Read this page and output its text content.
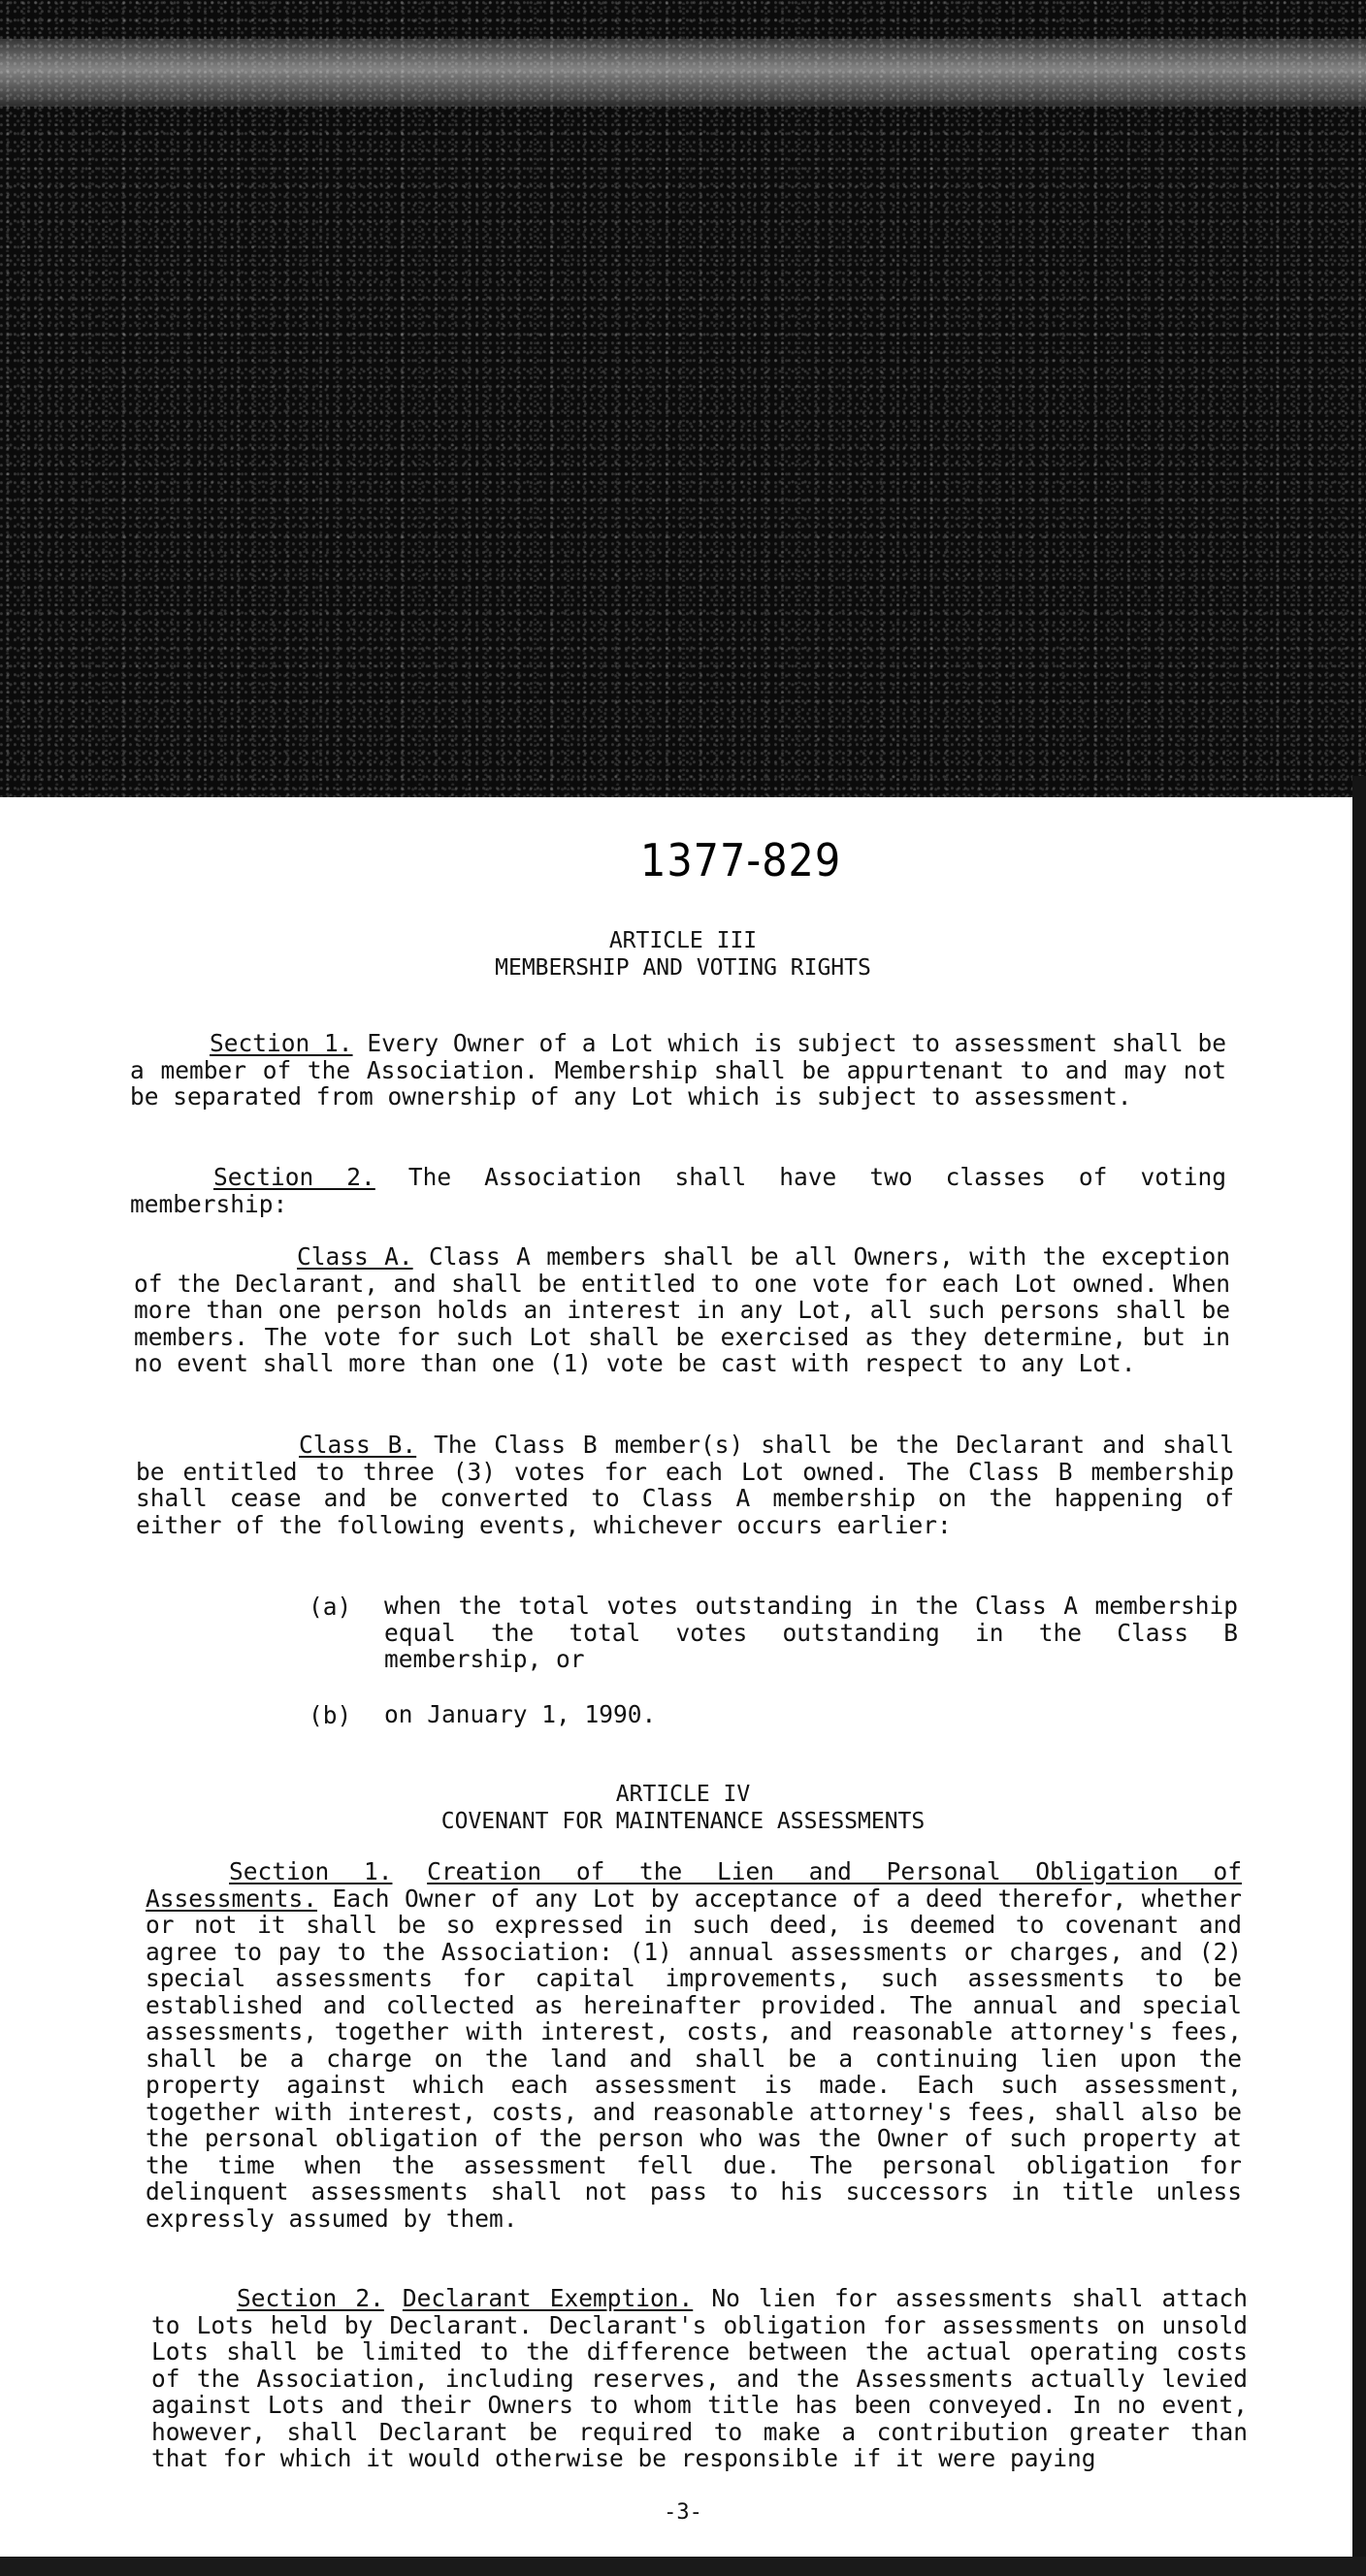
1377-829
ARTICLE III
MEMBERSHIP AND VOTING RIGHTS
Section 1. Every Owner of a Lot which is subject to assessment shall be a member of the Association. Membership shall be appurtenant to and may not be separated from ownership of any Lot which is subject to assessment.
Section 2. The Association shall have two classes of voting membership:
Class A. Class A members shall be all Owners, with the exception of the Declarant, and shall be entitled to one vote for each Lot owned. When more than one person holds an interest in any Lot, all such persons shall be members. The vote for such Lot shall be exercised as they determine, but in no event shall more than one (1) vote be cast with respect to any Lot.
Class B. The Class B member(s) shall be the Declarant and shall be entitled to three (3) votes for each Lot owned. The Class B membership shall cease and be converted to Class A membership on the happening of either of the following events, whichever occurs earlier:
(a) when the total votes outstanding in the Class A membership equal the total votes outstanding in the Class B membership, or
(b) on January 1, 1990.
ARTICLE IV
COVENANT FOR MAINTENANCE ASSESSMENTS
Section 1. Creation of the Lien and Personal Obligation of Assessments. Each Owner of any Lot by acceptance of a deed therefor, whether or not it shall be so expressed in such deed, is deemed to covenant and agree to pay to the Association: (1) annual assessments or charges, and (2) special assessments for capital improvements, such assessments to be established and collected as hereinafter provided. The annual and special assessments, together with interest, costs, and reasonable attorney's fees, shall be a charge on the land and shall be a continuing lien upon the property against which each assessment is made. Each such assessment, together with interest, costs, and reasonable attorney's fees, shall also be the personal obligation of the person who was the Owner of such property at the time when the assessment fell due. The personal obligation for delinquent assessments shall not pass to his successors in title unless expressly assumed by them.
Section 2. Declarant Exemption. No lien for assessments shall attach to Lots held by Declarant. Declarant's obligation for assessments on unsold Lots shall be limited to the difference between the actual operating costs of the Association, including reserves, and the Assessments actually levied against Lots and their Owners to whom title has been conveyed. In no event, however, shall Declarant be required to make a contribution greater than that for which it would otherwise be responsible if it were paying
-3-
